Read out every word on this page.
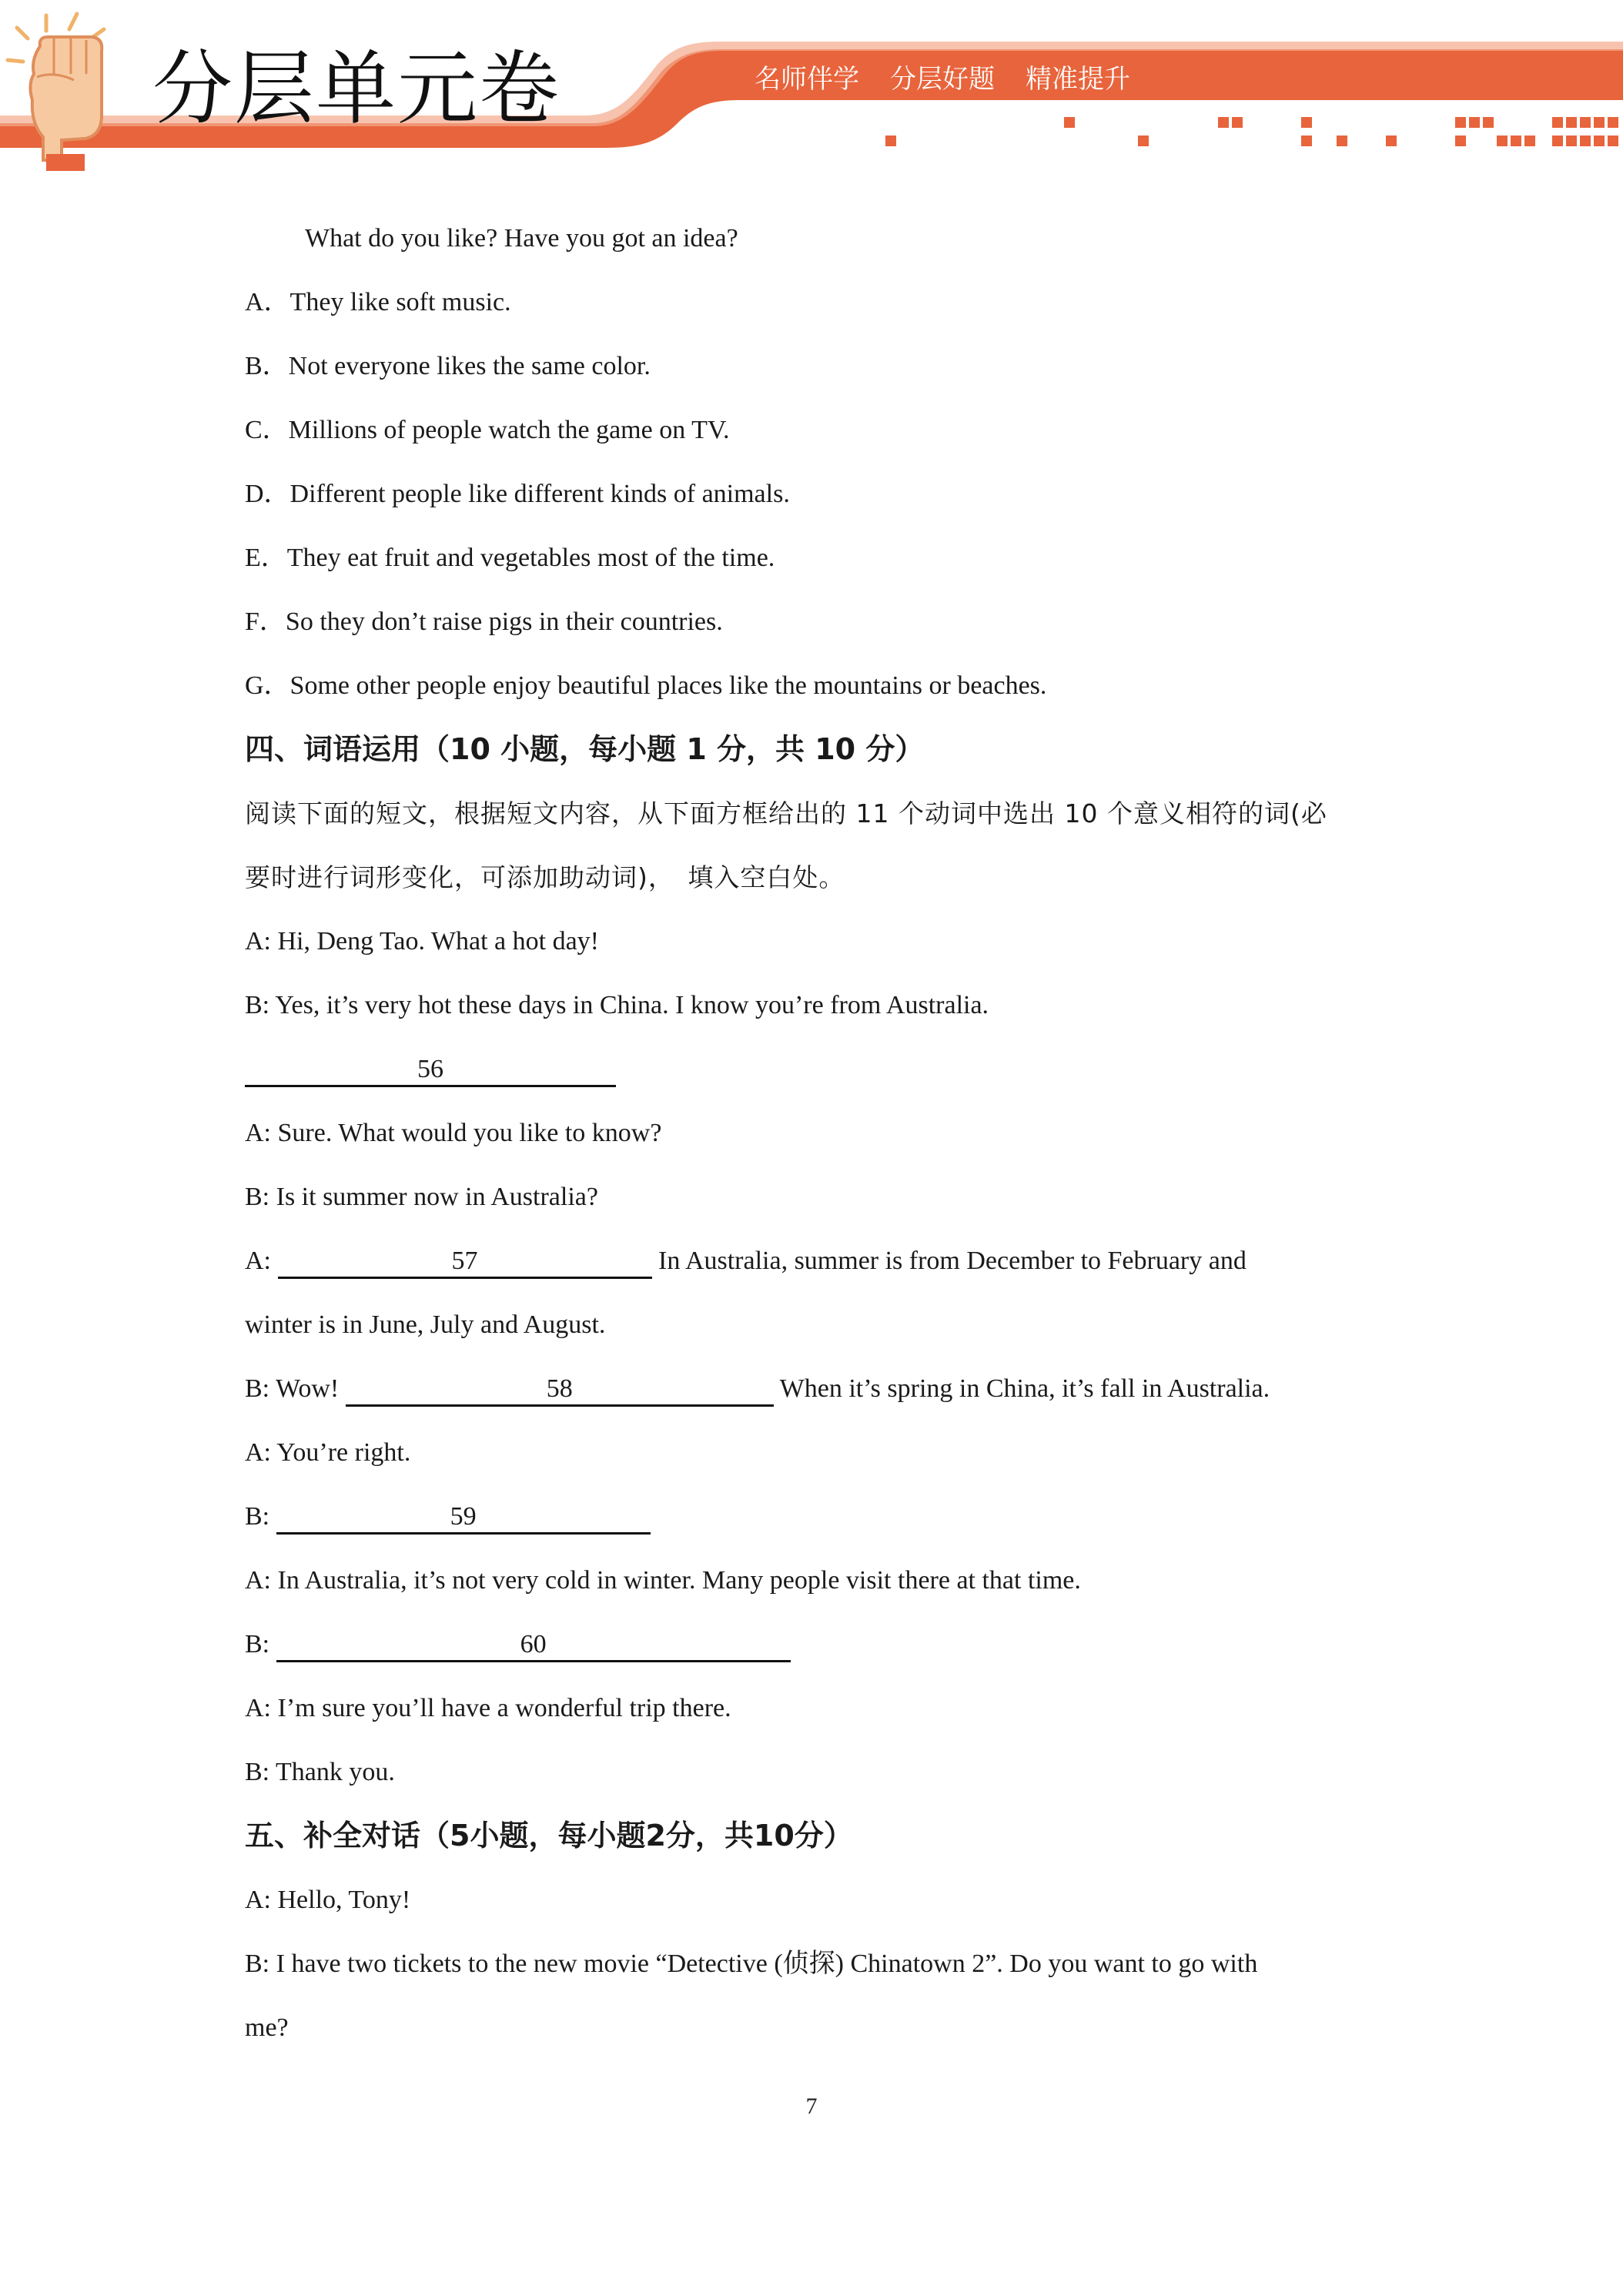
分层单元卷	名师伴学 分层好题 精准提升

What do you like? Have you got an idea?

A．They like soft music.

B．Not everyone likes the same color.

C．Millions of people watch the game on TV.

D．Different people like different kinds of animals.

E．They eat fruit and vegetables most of the time.

F．So they don’t raise pigs in their countries.

G．Some other people enjoy beautiful places like the mountains or beaches.

四、词语运用（10 小题，每小题 1 分，共 10 分）

阅读下面的短文，根据短文内容，从下面方框给出的 11 个动词中选出 10 个意义相符的词(必

要时进行词形变化，可添加助动词)，　填入空白处。

A: Hi, Deng Tao. What a hot day!

B: Yes, it’s very hot these days in China. I know you’re from Australia.

56

A: Sure. What would you like to know?

B: Is it summer now in Australia?

A:	57	In Australia, summer is from December to February and

winter is in June, July and August.

B: Wow!	58	When it’s spring in China, it’s fall in Australia.

A: You’re right.

B:	59

A: In Australia, it’s not very cold in winter. Many people visit there at that time.

B:	60

A: I’m sure you’ll have a wonderful trip there.

B: Thank you.

五、补全对话（5小题，每小题2分，共10分）

A: Hello, Tony!

B: I have two tickets to the new movie “Detective (侦探) Chinatown 2”. Do you want to go with

me?

7
